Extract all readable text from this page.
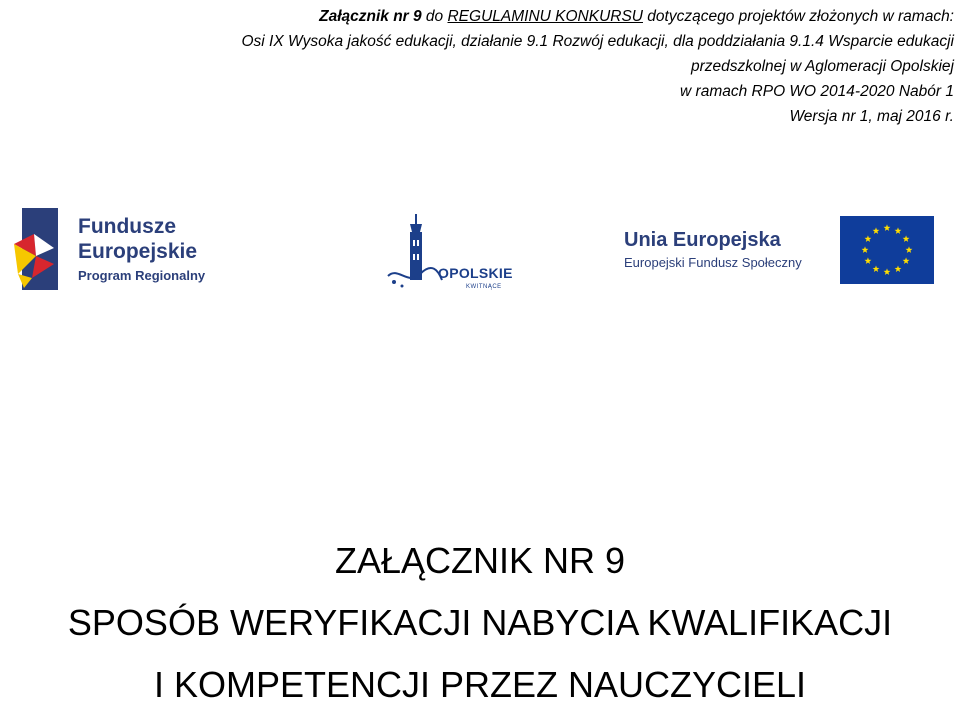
Załącznik nr 9 do REGULAMINU KONKURSU dotyczącego projektów złożonych w ramach:
Osi IX Wysoka jakość edukacji, działanie 9.1 Rozwój edukacji, dla poddziałania 9.1.4 Wsparcie edukacji
przedszkolnej w Aglomeracji Opolskiej
w ramach RPO WO 2014-2020 Nabór 1
Wersja nr 1, maj 2016 r.
Fundusze
Europejskie
Program Regionalny	OPOLSKIE
KWITNĄCE
Unia Europejska
Europejski Fundusz Społeczny
ZAŁĄCZNIK NR 9
SPOSÓB WERYFIKACJI NABYCIA KWALIFIKACJI
I KOMPETENCJI PRZEZ NAUCZYCIELI
